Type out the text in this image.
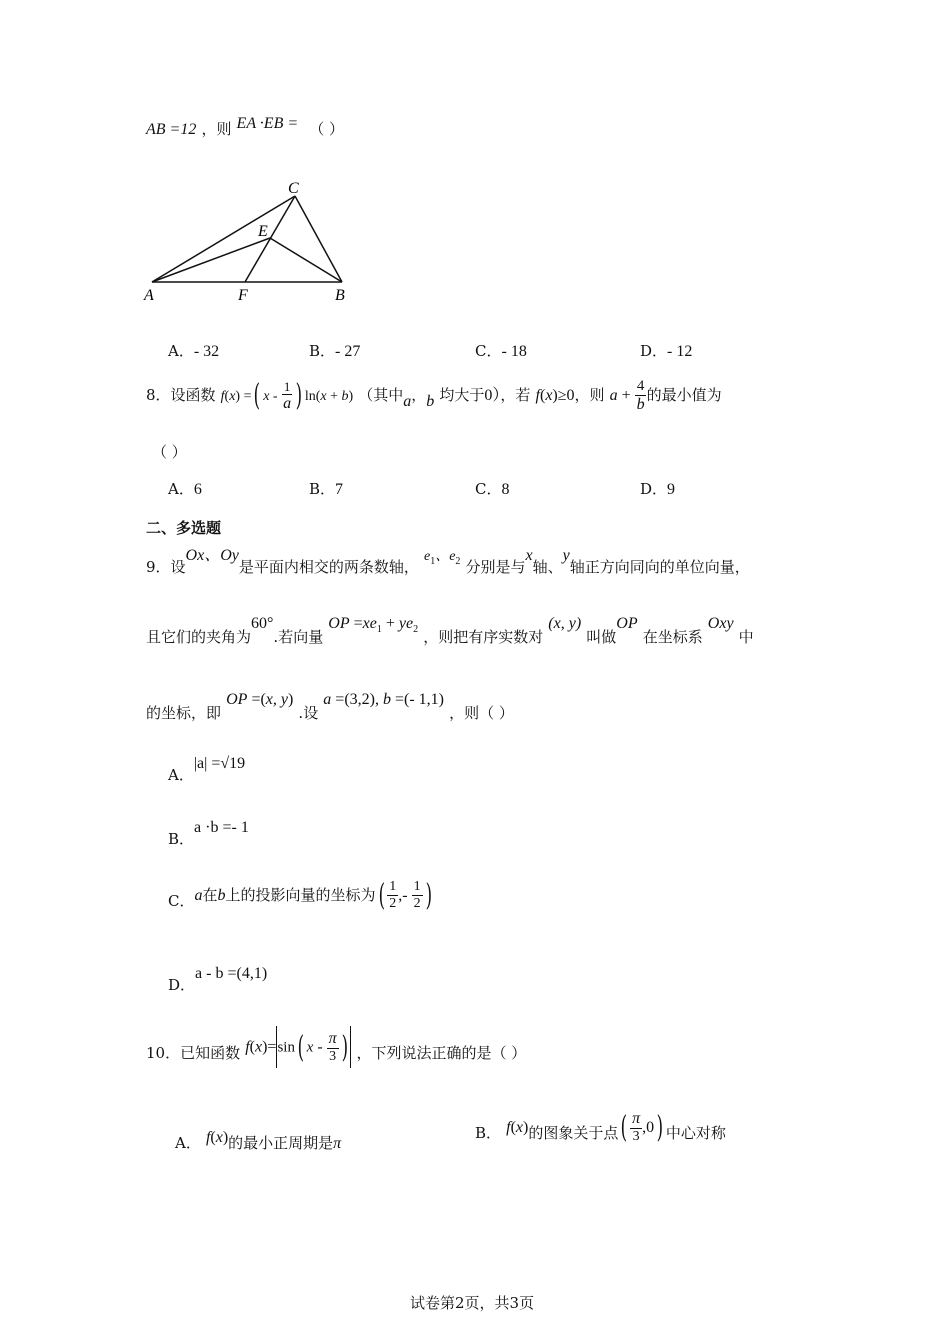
AB =12 ，则 EA ·EB = （ ）
C
E
A	F	B
A．- 32	B．- 27	C．- 18	D．- 12
8．设函数 f(x) =( x - $\frac{1}{a}$ ) ln(x + b) （其中a，b 均大于0），若 f(x)≥0，则 $a + \frac{4}{b}$ 的最小值为
（ ）
A．6	B．7	C．8	D．9
二、多选题
9．设Ox、Oy是平面内相交的两条数轴， $e_1$、$e_2$ 分别是与x轴、y轴正方向同向的单位向量，
且它们的夹角为60°.若向量 OP $=xe_1 + ye_2$ ，则把有序实数对 (x, y) 叫做OP 在坐标系 Oxy 中
的坐标，即 OP =(x, y) .设 a =(3,2), b =(- 1,1) ，则（ ）
A．|a| =√19
B．a ·b =- 1
C．a在b上的投影向量的坐标为( $\frac{1}{2}$ ,- $\frac{1}{2}$ )
D．a - b =(4,1)
10．已知函数 f(x)=sin( x - $\frac{\pi}{3}$ ) ，下列说法正确的是（ ）
A． f(x)的最小正周期是π
B． f(x)的图象关于点( $\frac{\pi}{3} ,0$) 中心对称
试卷第2页，共3页
